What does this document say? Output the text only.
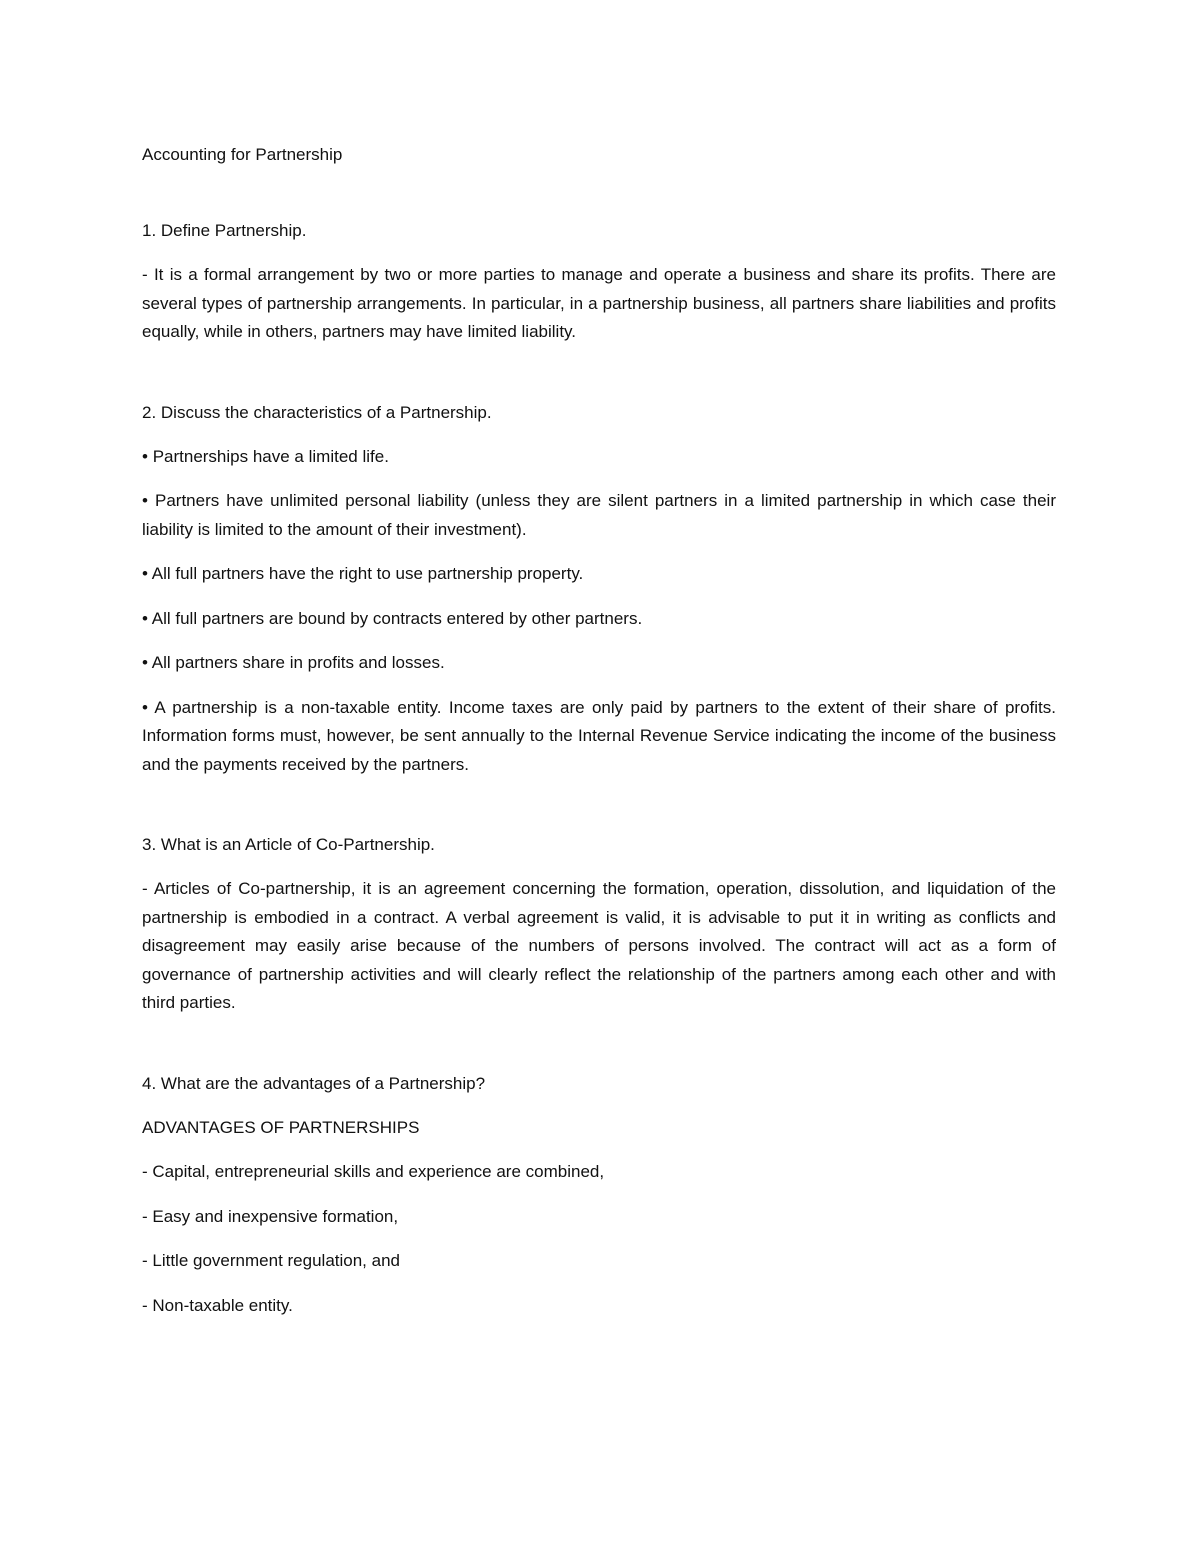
Accounting for Partnership

1. Define Partnership.

- It is a formal arrangement by two or more parties to manage and operate a business and share its profits. There are several types of partnership arrangements. In particular, in a partnership business, all partners share liabilities and profits equally, while in others, partners may have limited liability.

2. Discuss the characteristics of a Partnership.

• Partnerships have a limited life.
• Partners have unlimited personal liability (unless they are silent partners in a limited partnership in which case their liability is limited to the amount of their investment).
• All full partners have the right to use partnership property.
• All full partners are bound by contracts entered by other partners.
• All partners share in profits and losses.
• A partnership is a non-taxable entity. Income taxes are only paid by partners to the extent of their share of profits. Information forms must, however, be sent annually to the Internal Revenue Service indicating the income of the business and the payments received by the partners.

3. What is an Article of Co-Partnership.

- Articles of Co-partnership, it is an agreement concerning the formation, operation, dissolution, and liquidation of the partnership is embodied in a contract. A verbal agreement is valid, it is advisable to put it in writing as conflicts and disagreement may easily arise because of the numbers of persons involved. The contract will act as a form of governance of partnership activities and will clearly reflect the relationship of the partners among each other and with third parties.

4. What are the advantages of a Partnership?

ADVANTAGES OF PARTNERSHIPS

- Capital, entrepreneurial skills and experience are combined,
- Easy and inexpensive formation,
- Little government regulation, and
- Non-taxable entity.
